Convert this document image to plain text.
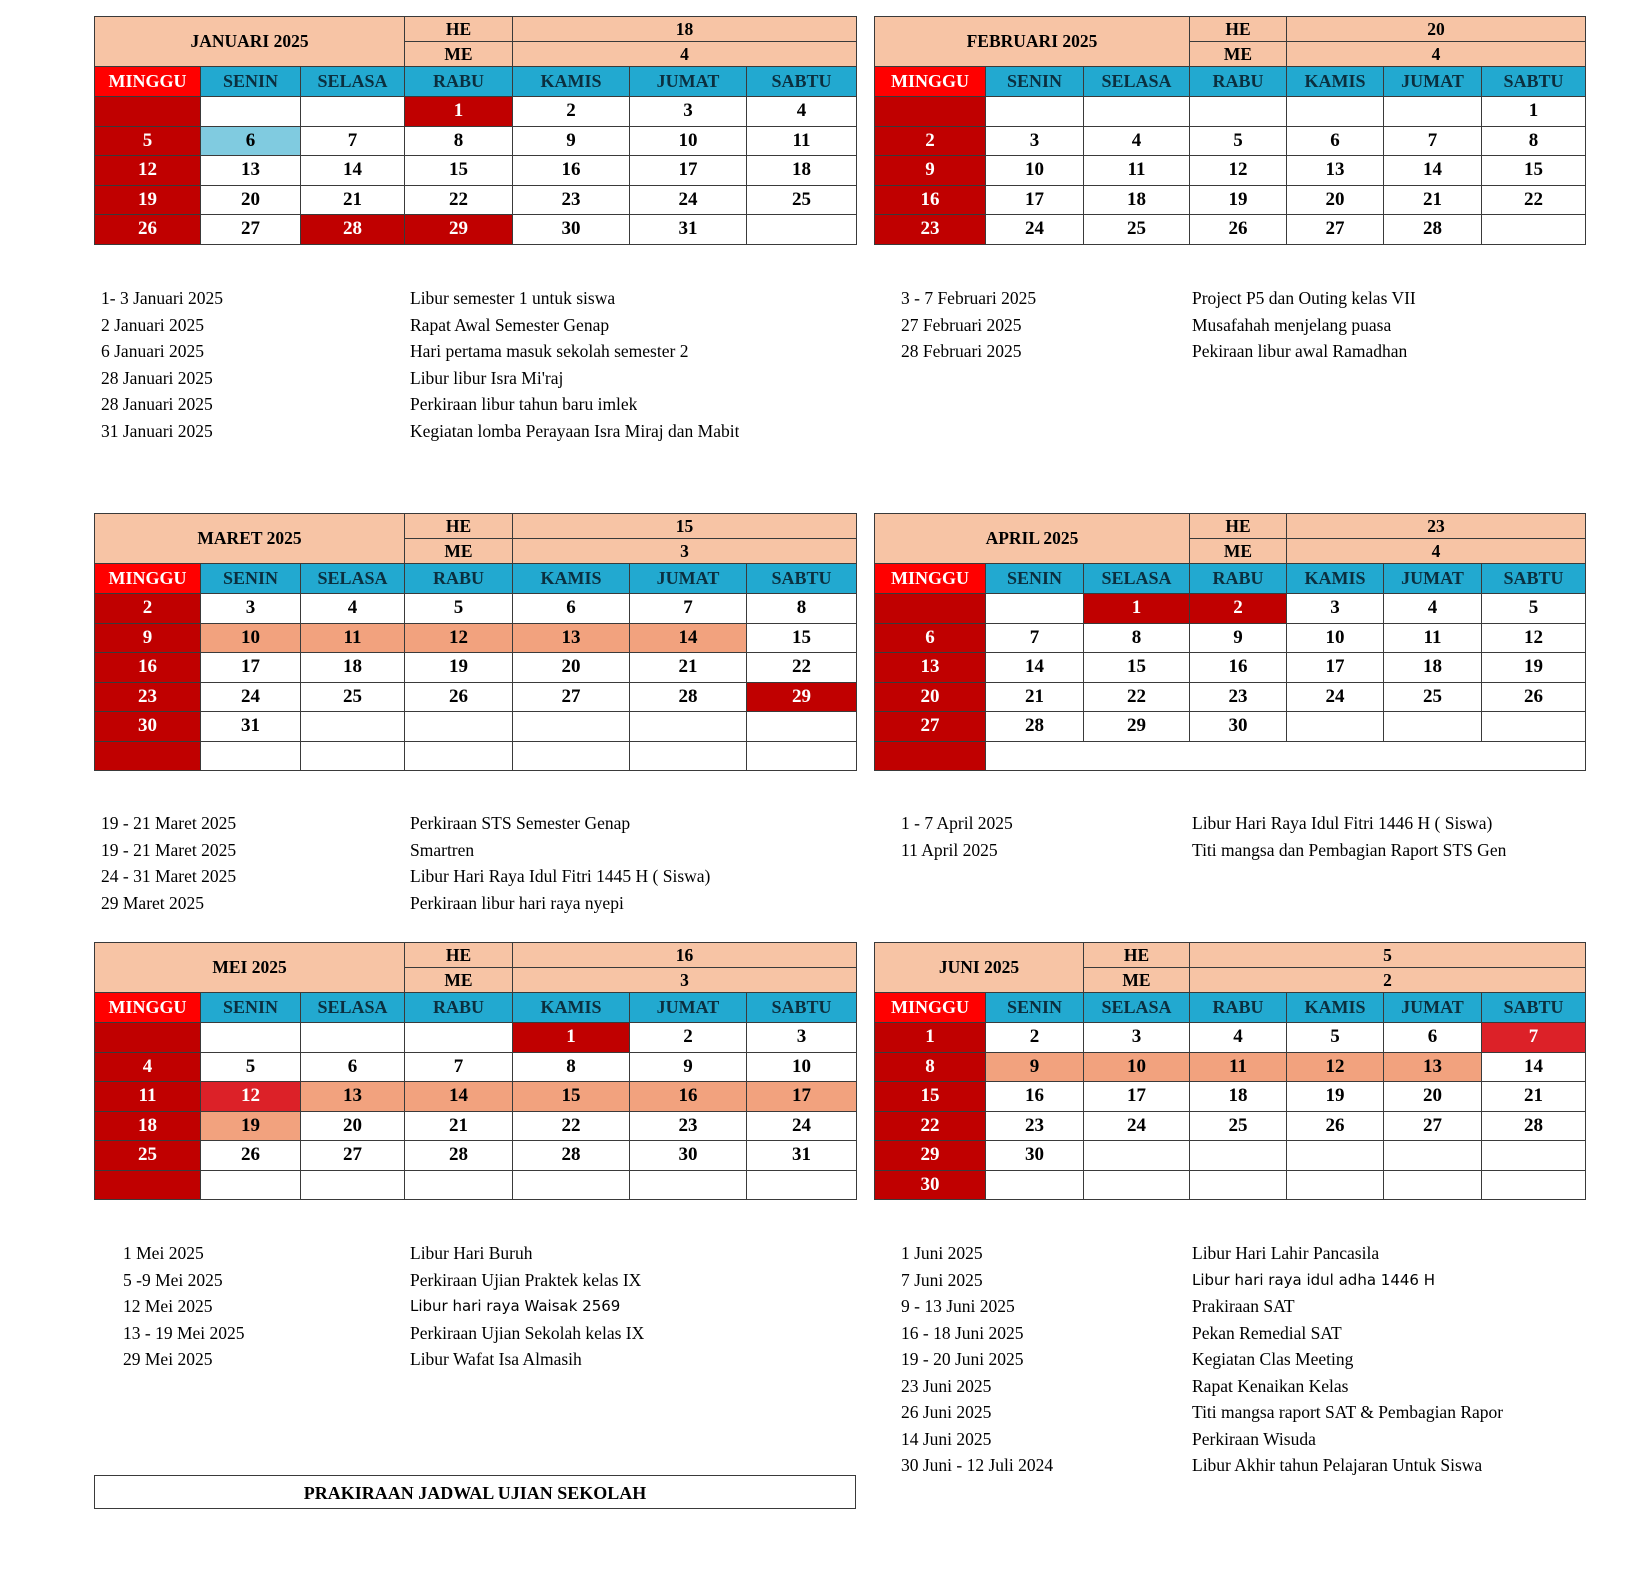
JANUARI 2025			HE	18		
			ME	4		
MINGGU	SENIN	SELASA	RABU	KAMIS	JUMAT	SABTU
			1	2	3	4
5	6	7	8	9	10	11
12	13	14	15	16	17	18
19	20	21	22	23	24	25
26	27	28	29	30	31	
1- 3 Januari 2025	Libur semester 1 untuk siswa
2 Januari 2025	Rapat Awal Semester Genap
6 Januari 2025	Hari pertama masuk sekolah semester 2
28 Januari 2025	Libur libur Isra Mi'raj
28 Januari 2025	Perkiraan libur tahun baru imlek
31 Januari 2025	Kegiatan lomba Perayaan Isra Miraj dan Mabit
FEBRUARI 2025			HE	20		
			ME	4		
MINGGU	SENIN	SELASA	RABU	KAMIS	JUMAT	SABTU
						1
2	3	4	5	6	7	8
9	10	11	12	13	14	15
16	17	18	19	20	21	22
23	24	25	26	27	28	
3 - 7 Februari 2025	Project P5 dan Outing kelas VII
27 Februari 2025	Musafahah menjelang puasa
28 Februari 2025	Pekiraan libur awal Ramadhan
MARET 2025			HE	15		
			ME	3		
MINGGU	SENIN	SELASA	RABU	KAMIS	JUMAT	SABTU
2	3	4	5	6	7	8
9	10	11	12	13	14	15
16	17	18	19	20	21	22
23	24	25	26	27	28	29
30	31					

19 - 21 Maret 2025	Perkiraan STS Semester Genap
19 - 21 Maret 2025	Smartren
24 - 31 Maret 2025	Libur Hari Raya Idul Fitri 1445 H ( Siswa)
29 Maret 2025	Perkiraan libur hari raya nyepi
APRIL 2025			HE	23		
			ME	4		
MINGGU	SENIN	SELASA	RABU	KAMIS	JUMAT	SABTU
		1	2	3	4	5
6	7	8	9	10	11	12
13	14	15	16	17	18	19
20	21	22	23	24	25	26
27	28	29	30			

1 - 7 April 2025	Libur Hari Raya Idul Fitri 1446 H ( Siswa)
11 April 2025	Titi mangsa dan Pembagian Raport STS Gen
MEI 2025			HE	16		
			ME	3		
MINGGU	SENIN	SELASA	RABU	KAMIS	JUMAT	SABTU
				1	2	3
4	5	6	7	8	9	10
11	12	13	14	15	16	17
18	19	20	21	22	23	24
25	26	27	28	28	30	31

1 Mei 2025	Libur Hari Buruh
5 -9 Mei 2025	Perkiraan Ujian Praktek kelas IX
12 Mei 2025	Libur hari raya Waisak 2569
13 - 19 Mei 2025	Perkiraan Ujian Sekolah kelas IX
29 Mei 2025	Libur Wafat Isa Almasih
JUNI 2025		HE	5			
		ME	2			
MINGGU	SENIN	SELASA	RABU	KAMIS	JUMAT	SABTU
1	2	3	4	5	6	7
8	9	10	11	12	13	14
15	16	17	18	19	20	21
22	23	24	25	26	27	28
29	30					
30						
1 Juni 2025	Libur Hari Lahir Pancasila
7 Juni 2025	Libur hari raya idul adha 1446 H
9 - 13 Juni 2025	Prakiraan SAT
16 - 18 Juni 2025	Pekan Remedial SAT
19 - 20 Juni 2025	Kegiatan Clas Meeting
23 Juni 2025	Rapat Kenaikan Kelas
26 Juni 2025	Titi mangsa raport SAT & Pembagian Rapor
14 Juni 2025	Perkiraan Wisuda
30 Juni - 12 Juli 2024	Libur Akhir tahun Pelajaran Untuk Siswa
PRAKIRAAN JADWAL UJIAN SEKOLAH
